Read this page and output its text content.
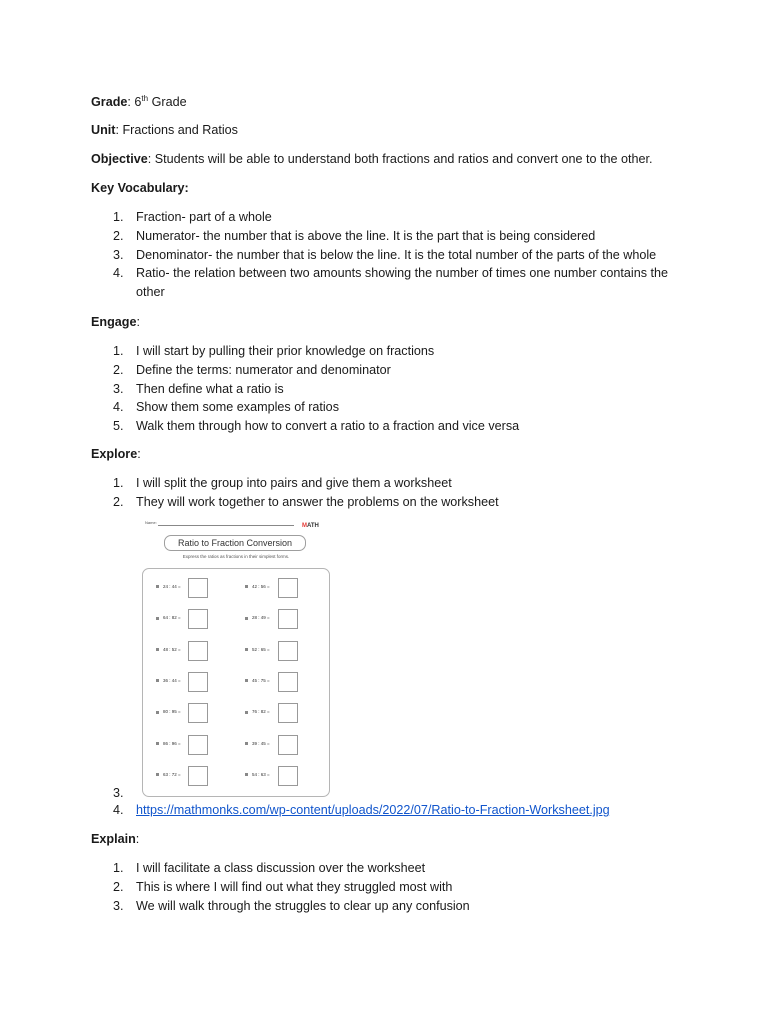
Grade: 6th Grade
Unit: Fractions and Ratios
Objective: Students will be able to understand both fractions and ratios and convert one to the other.
Key Vocabulary:
1. Fraction- part of a whole
2. Numerator- the number that is above the line. It is the part that is being considered
3. Denominator- the number that is below the line. It is the total number of the parts of the whole
4. Ratio- the relation between two amounts showing the number of times one number contains the other
Engage:
1. I will start by pulling their prior knowledge on fractions
2. Define the terms: numerator and denominator
3. Then define what a ratio is
4. Show them some examples of ratios
5. Walk them through how to convert a ratio to a fraction and vice versa
Explore:
1. I will split the group into pairs and give them a worksheet
2. They will work together to answer the problems on the worksheet
Name:
MATH
Ratio to Fraction Conversion
Express the ratios as fractions in their simplest forms.
24 : 44 =
64 : 82 =
48 : 52 =
36 : 44 =
80 : 95 =
86 : 96 =
63 : 72 =
42 : 56 =
28 : 49 =
52 : 65 =
45 : 75 =
76 : 82 =
39 : 45 =
54 : 63 =
3.
4. https://mathmonks.com/wp-content/uploads/2022/07/Ratio-to-Fraction-Worksheet.jpg
Explain:
1. I will facilitate a class discussion over the worksheet
2. This is where I will find out what they struggled most with
3. We will walk through the struggles to clear up any confusion
